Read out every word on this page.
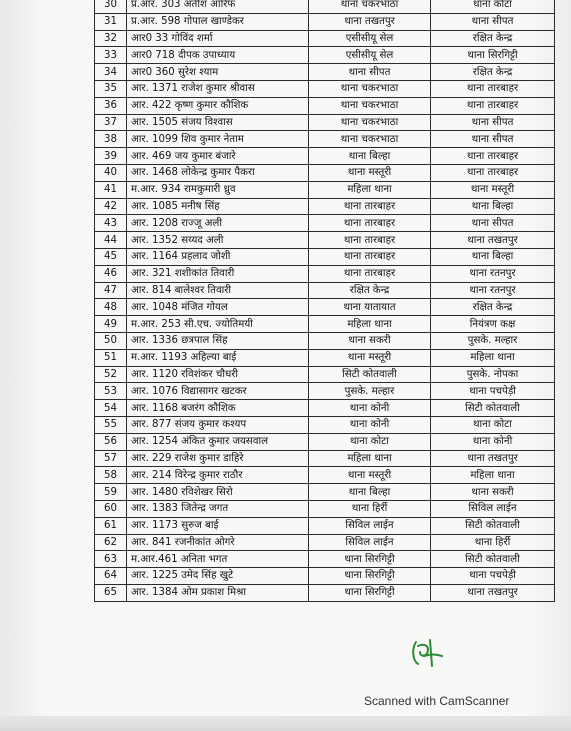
30	प्र.आर. 303 अतीश आरिफ	थाना चकरभाठा	थाना कोटा
31	प्र.आर. 598 गोपाल खाण्डेकर	थाना तखतपुर	थाना सीपत
32	आर0 33 गोविंद शर्मा	एसीसीयू सेल	रक्षित केन्द्र
33	आर0 718 दीपक उपाध्याय	एसीसीयू सेल	थाना सिरगिट्टी
34	आर0 360 सुरेश श्याम	थाना सीपत	रक्षित केन्द्र
35	आर. 1371 राजेश कुमार श्रीवास	थाना चकरभाठा	थाना तारबाहर
36	आर. 422 कृष्ण कुमार कौशिक	थाना चकरभाठा	थाना तारबाहर
37	आर. 1505 संजय विश्वास	थाना चकरभाठा	थाना सीपत
38	आर. 1099 शिव कुमार नेताम	थाना चकरभाठा	थाना सीपत
39	आर. 469 जय कुमार बंजारे	थाना बिल्हा	थाना तारबाहर
40	आर. 1468 लोकेन्द्र कुमार पैकरा	थाना मस्तूरी	थाना तारबाहर
41	म.आर. 934 रामकुमारी ध्रुव	महिला थाना	थाना मस्तूरी
42	आर. 1085 मनीष सिंह	थाना तारबाहर	थाना बिल्हा
43	आर. 1208 राज्जू अली	थाना तारबाहर	थाना सीपत
44	आर. 1352 सय्यद अली	थाना तारबाहर	थाना तखतपुर
45	आर. 1164 प्रहलाद जोशी	थाना तारबाहर	थाना बिल्हा
46	आर. 321 शशीकांत तिवारी	थाना तारबाहर	थाना रतनपुर
47	आर. 814 बालेश्वर तिवारी	रक्षित केन्द्र	थाना रतनपुर
48	आर. 1048 मंजित गोयल	थाना यातायात	रक्षित केन्द्र
49	म.आर. 253 सी.एच. ज्योतिमयी	महिला थाना	नियंत्रण कक्ष
50	आर. 1336 छत्रपाल सिंह	थाना सकरी	पुसके. मल्हार
51	म.आर. 1193 अहिल्या बाई	थाना मस्तूरी	महिला थाना
52	आर. 1120 रविशंकर चौधरी	सिटी कोतवाली	पुसके. नोपका
53	आर. 1076 विद्यासागर खटकर	पुसके. मल्हार	थाना पचपेड़ी
54	आर. 1168 बजरंग कौशिक	थाना कोनी	सिटी कोतवाली
55	आर. 877 संजय कुमार कश्यप	थाना कोनी	थाना कोटा
56	आर. 1254 अंकित कुमार जयसवाल	थाना कोटा	थाना कोनी
57	आर. 229 राजेश कुमार डाहिरे	महिला थाना	थाना तखतपुर
58	आर. 214 विरेन्द्र कुमार राठौर	थाना मस्तूरी	महिला थाना
59	आर. 1480 रविशेखर सिरो	थाना बिल्हा	थाना सकरी
60	आर. 1383 जितेन्द्र जगत	थाना हिर्री	सिविल लाईन
61	आर. 1173 सुरुज बाई	सिविल लाईन	सिटी कोतवाली
62	आर. 841 रजनीकांत ओगरे	सिविल लाईन	थाना हिर्री
63	म.आर.461 अनिता भगत	थाना सिरगिट्टी	सिटी कोतवाली
64	आर. 1225 उमेद सिंह खुटे	थाना सिरगिट्टी	थाना पचपेड़ी
65	आर. 1384 ओम प्रकाश मिश्रा	थाना सिरगिट्टी	थाना तखतपुर
Scanned with CamScanner
